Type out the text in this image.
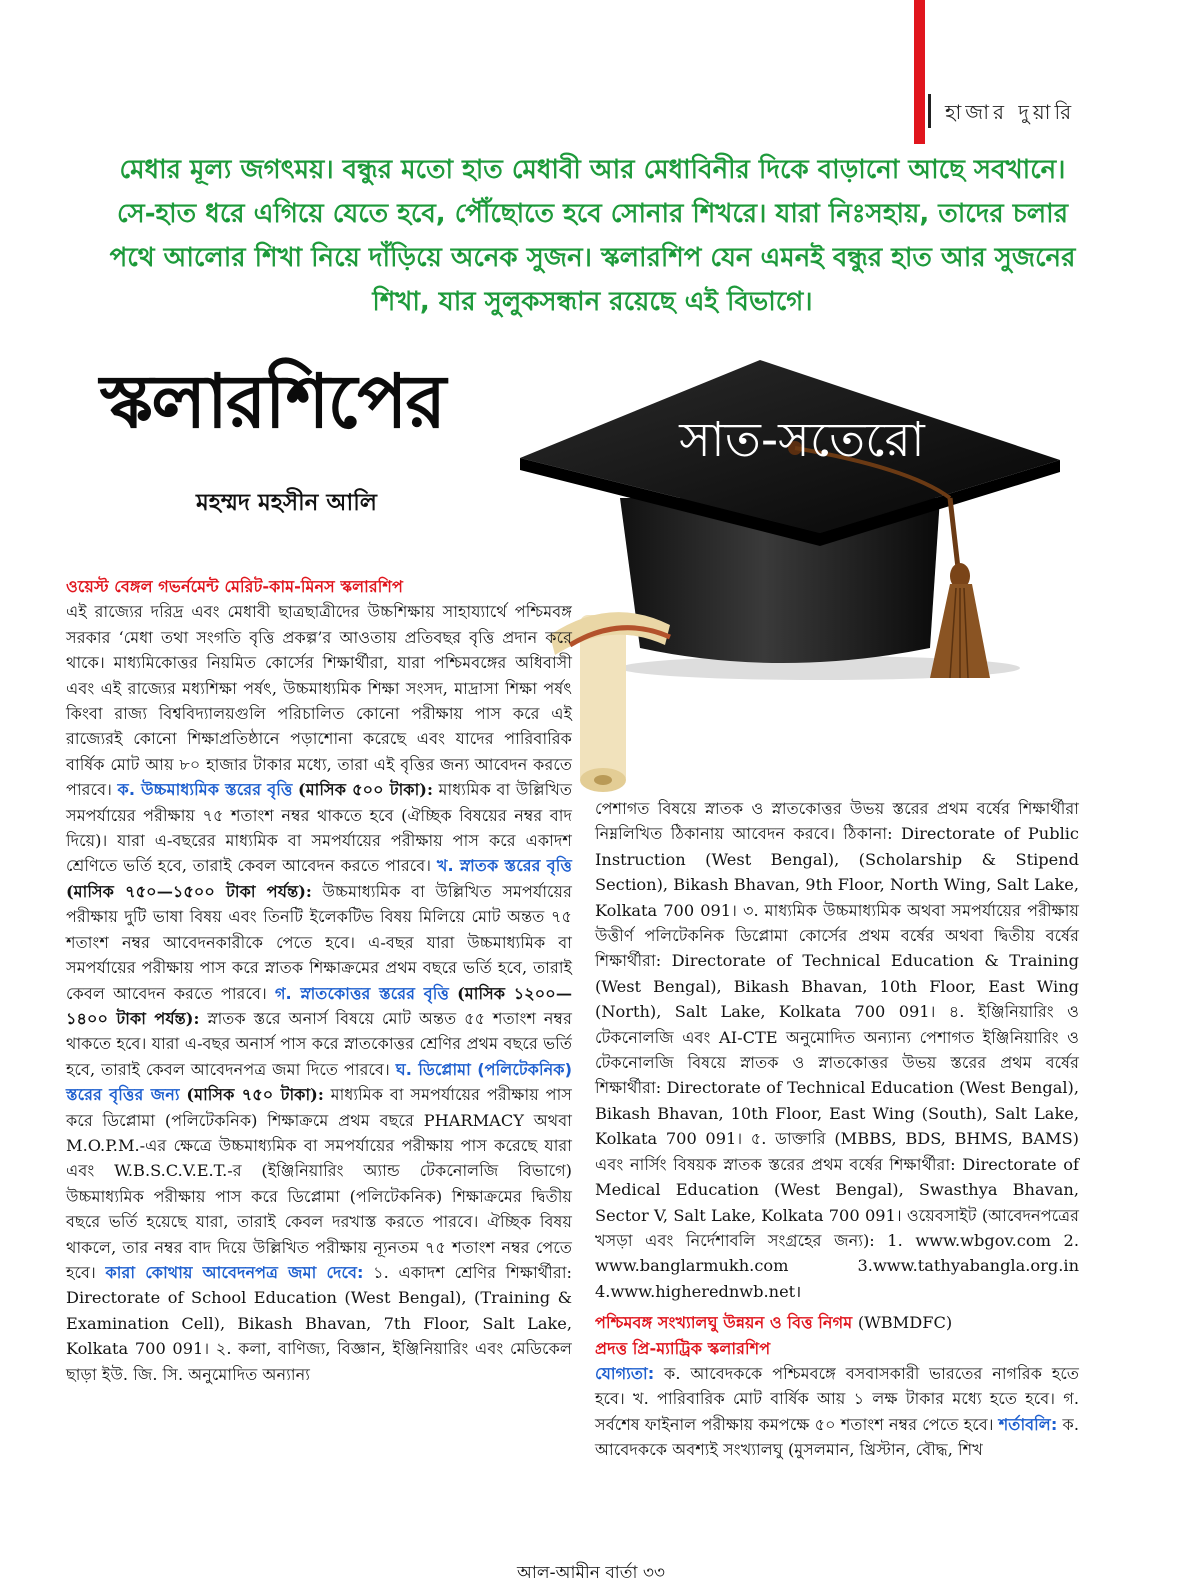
হাজার দুয়ারি

মেধার মূল্য জগৎময়। বন্ধুর মতো হাত মেধাবী আর মেধাবিনীর দিকে বাড়ানো আছে সবখানে। সে-হাত ধরে এগিয়ে যেতে হবে, পৌঁছোতে হবে সোনার শিখরে। যারা নিঃসহায়, তাদের চলার পথে আলোর শিখা নিয়ে দাঁড়িয়ে অনেক সুজন। স্কলারশিপ যেন এমনই বন্ধুর হাত আর সুজনের শিখা, যার সুলুকসন্ধান রয়েছে এই বিভাগে।

স্কলারশিপের

মহম্মদ মহসীন আলি

সাত-সতেরো

ওয়েস্ট বেঙ্গল গভর্নমেন্ট মেরিট-কাম-মিনস স্কলারশিপ

এই রাজ্যের দরিদ্র এবং মেধাবী ছাত্রছাত্রীদের উচ্চশিক্ষায় সাহায্যার্থে পশ্চিমবঙ্গ সরকার ‘মেধা তথা সংগতি বৃত্তি প্রকল্প’র আওতায় প্রতিবছর বৃত্তি প্রদান করে থাকে। মাধ্যমিকোত্তর নিয়মিত কোর্সের শিক্ষার্থীরা, যারা পশ্চিমবঙ্গের অধিবাসী এবং এই রাজ্যের মধ্যশিক্ষা পর্ষৎ, উচ্চমাধ্যমিক শিক্ষা সংসদ, মাদ্রাসা শিক্ষা পর্ষৎ কিংবা রাজ্য বিশ্ববিদ্যালয়গুলি পরিচালিত কোনো পরীক্ষায় পাস করে এই রাজ্যেরই কোনো শিক্ষাপ্রতিষ্ঠানে পড়াশোনা করেছে এবং যাদের পারিবারিক বার্ষিক মোট আয় ৮০ হাজার টাকার মধ্যে, তারা এই বৃত্তির জন্য আবেদন করতে পারবে। ক. উচ্চমাধ্যমিক স্তরের বৃত্তি (মাসিক ৫০০ টাকা): মাধ্যমিক বা উল্লিখিত সমপর্যায়ের পরীক্ষায় ৭৫ শতাংশ নম্বর থাকতে হবে (ঐচ্ছিক বিষয়ের নম্বর বাদ দিয়ে)। যারা এ-বছরের মাধ্যমিক বা সমপর্যায়ের পরীক্ষায় পাস করে একাদশ শ্রেণিতে ভর্তি হবে, তারাই কেবল আবেদন করতে পারবে। খ. স্নাতক স্তরের বৃত্তি (মাসিক ৭৫০—১৫০০ টাকা পর্যন্ত): উচ্চমাধ্যমিক বা উল্লিখিত সমপর্যায়ের পরীক্ষায় দুটি ভাষা বিষয় এবং তিনটি ইলেকটিভ বিষয় মিলিয়ে মোট অন্তত ৭৫ শতাংশ নম্বর আবেদনকারীকে পেতে হবে। এ-বছর যারা উচ্চমাধ্যমিক বা সমপর্যায়ের পরীক্ষায় পাস করে স্নাতক শিক্ষাক্রমের প্রথম বছরে ভর্তি হবে, তারাই কেবল আবেদন করতে পারবে। গ. স্নাতকোত্তর স্তরের বৃত্তি (মাসিক ১২০০—১৪০০ টাকা পর্যন্ত): স্নাতক স্তরে অনার্স বিষয়ে মোট অন্তত ৫৫ শতাংশ নম্বর থাকতে হবে। যারা এ-বছর অনার্স পাস করে স্নাতকোত্তর শ্রেণির প্রথম বছরে ভর্তি হবে, তারাই কেবল আবেদনপত্র জমা দিতে পারবে। ঘ. ডিপ্লোমা (পলিটেকনিক) স্তরের বৃত্তির জন্য (মাসিক ৭৫০ টাকা): মাধ্যমিক বা সমপর্যায়ের পরীক্ষায় পাস করে ডিপ্লোমা (পলিটেকনিক) শিক্ষাক্রমে প্রথম বছরে PHARMACY অথবা M.O.P.M.-এর ক্ষেত্রে উচ্চমাধ্যমিক বা সমপর্যায়ের পরীক্ষায় পাস করেছে যারা এবং W.B.S.C.V.E.T.-র (ইঞ্জিনিয়ারিং অ্যান্ড টেকনোলজি বিভাগে) উচ্চমাধ্যমিক পরীক্ষায় পাস করে ডিপ্লোমা (পলিটেকনিক) শিক্ষাক্রমের দ্বিতীয় বছরে ভর্তি হয়েছে যারা, তারাই কেবল দরখাস্ত করতে পারবে। ঐচ্ছিক বিষয় থাকলে, তার নম্বর বাদ দিয়ে উল্লিখিত পরীক্ষায় ন্যূনতম ৭৫ শতাংশ নম্বর পেতে হবে। কারা কোথায় আবেদনপত্র জমা দেবে: ১. একাদশ শ্রেণির শিক্ষার্থীরা: Directorate of School Education (West Bengal), (Training & Examination Cell), Bikash Bhavan, 7th Floor, Salt Lake, Kolkata 700 091। ২. কলা, বাণিজ্য, বিজ্ঞান, ইঞ্জিনিয়ারিং এবং মেডিকেল ছাড়া ইউ. জি. সি. অনুমোদিত অন্যান্য

পেশাগত বিষয়ে স্নাতক ও স্নাতকোত্তর উভয় স্তরের প্রথম বর্ষের শিক্ষার্থীরা নিম্নলিখিত ঠিকানায় আবেদন করবে। ঠিকানা: Directorate of Public Instruction (West Bengal), (Scholarship & Stipend Section), Bikash Bhavan, 9th Floor, North Wing, Salt Lake, Kolkata 700 091। ৩. মাধ্যমিক উচ্চমাধ্যমিক অথবা সমপর্যায়ের পরীক্ষায় উত্তীর্ণ পলিটেকনিক ডিপ্লোমা কোর্সের প্রথম বর্ষের অথবা দ্বিতীয় বর্ষের শিক্ষার্থীরা: Directorate of Technical Education & Training (West Bengal), Bikash Bhavan, 10th Floor, East Wing (North), Salt Lake, Kolkata 700 091। ৪. ইঞ্জিনিয়ারিং ও টেকনোলজি এবং AI-CTE অনুমোদিত অন্যান্য পেশাগত ইঞ্জিনিয়ারিং ও টেকনোলজি বিষয়ে স্নাতক ও স্নাতকোত্তর উভয় স্তরের প্রথম বর্ষের শিক্ষার্থীরা: Directorate of Technical Education (West Bengal), Bikash Bhavan, 10th Floor, East Wing (South), Salt Lake, Kolkata 700 091। ৫. ডাক্তারি (MBBS, BDS, BHMS, BAMS) এবং নার্সিং বিষয়ক স্নাতক স্তরের প্রথম বর্ষের শিক্ষার্থীরা: Directorate of Medical Education (West Bengal), Swasthya Bhavan, Sector V, Salt Lake, Kolkata 700 091। ওয়েবসাইট (আবেদনপত্রের খসড়া এবং নির্দেশাবলি সংগ্রহের জন্য): 1. www.wbgov.com 2. www.banglarmukh.com 3.www.tathyabangla.org.in 4.www.higherednwb.net।

পশ্চিমবঙ্গ সংখ্যালঘু উন্নয়ন ও বিত্ত নিগম (WBMDFC)

প্রদত্ত প্রি-ম্যাট্রিক স্কলারশিপ

যোগ্যতা: ক. আবেদককে পশ্চিমবঙ্গে বসবাসকারী ভারতের নাগরিক হতে হবে। খ. পারিবারিক মোট বার্ষিক আয় ১ লক্ষ টাকার মধ্যে হতে হবে। গ. সর্বশেষ ফাইনাল পরীক্ষায় কমপক্ষে ৫০ শতাংশ নম্বর পেতে হবে। শর্তাবলি: ক. আবেদককে অবশ্যই সংখ্যালঘু (মুসলমান, খ্রিস্টান, বৌদ্ধ, শিখ

আল-আমীন বার্তা ৩৩
